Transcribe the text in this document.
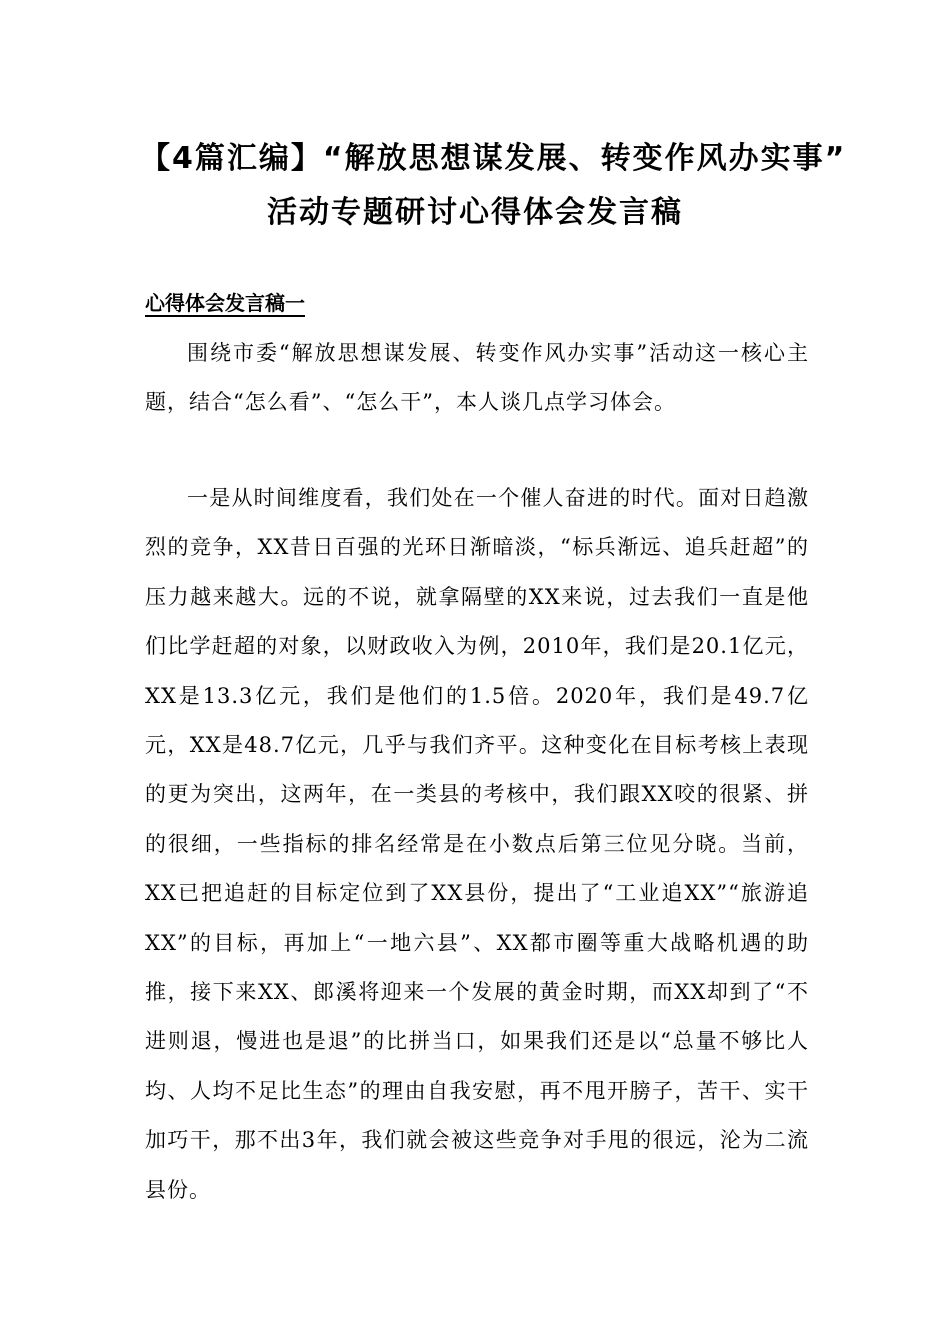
【4篇汇编】“解放思想谋发展、转变作风办实事”
活动专题研讨心得体会发言稿
心得体会发言稿一

围绕市委“解放思想谋发展、转变作风办实事”活动这一核心主题，结合“怎么看”、“怎么干”，本人谈几点学习体会。

一是从时间维度看，我们处在一个催人奋进的时代。面对日趋激烈的竞争，XX昔日百强的光环日渐暗淡，“标兵渐远、追兵赶超”的压力越来越大。远的不说，就拿隔壁的XX来说，过去我们一直是他们比学赶超的对象，以财政收入为例，2010年，我们是20.1亿元，XX是13.3亿元，我们是他们的1.5倍。2020年，我们是49.7亿元，XX是48.7亿元，几乎与我们齐平。这种变化在目标考核上表现的更为突出，这两年，在一类县的考核中，我们跟XX咬的很紧、拼的很细，一些指标的排名经常是在小数点后第三位见分晓。当前，XX已把追赶的目标定位到了XX县份，提出了“工业追XX”“旅游追XX”的目标，再加上“一地六县”、XX都市圈等重大战略机遇的助推，接下来XX、郎溪将迎来一个发展的黄金时期，而XX却到了“不进则退，慢进也是退”的比拼当口，如果我们还是以“总量不够比人均、人均不足比生态”的理由自我安慰，再不甩开膀子，苦干、实干加巧干，那不出3年，我们就会被这些竞争对手甩的很远，沦为二流县份。
